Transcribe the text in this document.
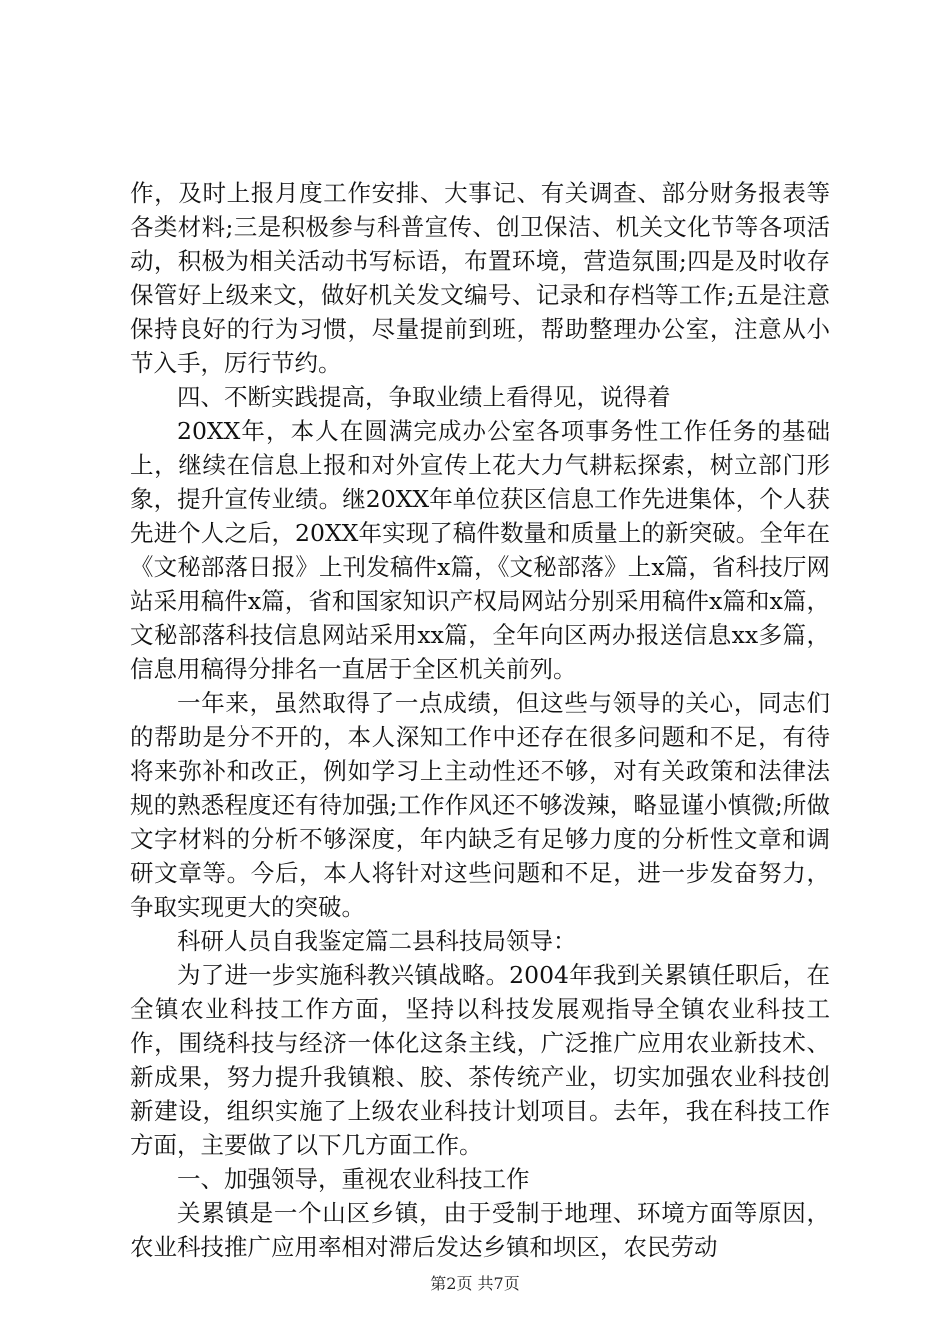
作，及时上报月度工作安排、大事记、有关调查、部分财务报表等各类材料;三是积极参与科普宣传、创卫保洁、机关文化节等各项活动，积极为相关活动书写标语，布置环境，营造氛围;四是及时收存保管好上级来文，做好机关发文编号、记录和存档等工作;五是注意保持良好的行为习惯，尽量提前到班，帮助整理办公室，注意从小节入手，厉行节约。

四、不断实践提高，争取业绩上看得见，说得着

20XX年，本人在圆满完成办公室各项事务性工作任务的基础上，继续在信息上报和对外宣传上花大力气耕耘探索，树立部门形象，提升宣传业绩。继20XX年单位获区信息工作先进集体，个人获先进个人之后，20XX年实现了稿件数量和质量上的新突破。全年在《文秘部落日报》上刊发稿件x篇，《文秘部落》上x篇，省科技厅网站采用稿件x篇，省和国家知识产权局网站分别采用稿件x篇和x篇，文秘部落科技信息网站采用xx篇，全年向区两办报送信息xx多篇，信息用稿得分排名一直居于全区机关前列。

一年来，虽然取得了一点成绩，但这些与领导的关心，同志们的帮助是分不开的，本人深知工作中还存在很多问题和不足，有待将来弥补和改正，例如学习上主动性还不够，对有关政策和法律法规的熟悉程度还有待加强;工作作风还不够泼辣，略显谨小慎微;所做文字材料的分析不够深度，年内缺乏有足够力度的分析性文章和调研文章等。今后，本人将针对这些问题和不足，进一步发奋努力，争取实现更大的突破。

科研人员自我鉴定篇二县科技局领导：

为了进一步实施科教兴镇战略。2004年我到关累镇任职后，在全镇农业科技工作方面，坚持以科技发展观指导全镇农业科技工作，围绕科技与经济一体化这条主线，广泛推广应用农业新技术、新成果，努力提升我镇粮、胶、茶传统产业，切实加强农业科技创新建设，组织实施了上级农业科技计划项目。去年，我在科技工作方面，主要做了以下几方面工作。

一、加强领导，重视农业科技工作

关累镇是一个山区乡镇，由于受制于地理、环境方面等原因，农业科技推广应用率相对滞后发达乡镇和坝区，农民劳动

第2页 共7页
